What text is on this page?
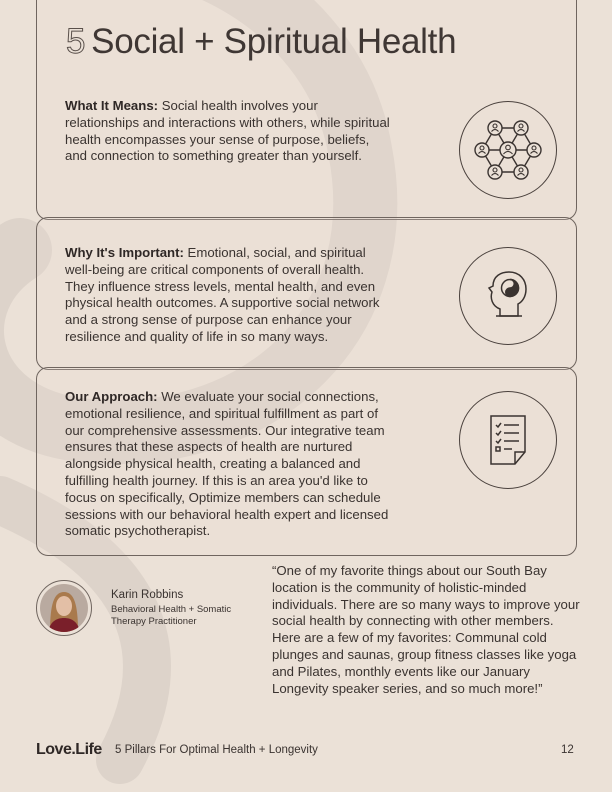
5 Social + Spiritual Health

What It Means: Social health involves your relationships and interactions with others, while spiritual health encompasses your sense of purpose, beliefs, and connection to something greater than yourself.

Why It's Important: Emotional, social, and spiritual well-being are critical components of overall health. They influence stress levels, mental health, and even physical health outcomes. A supportive social network and a strong sense of purpose can enhance your resilience and quality of life in so many ways.

Our Approach: We evaluate your social connections, emotional resilience, and spiritual fulfillment as part of our comprehensive assessments. Our integrative team ensures that these aspects of health are nurtured alongside physical health, creating a balanced and fulfilling health journey. If this is an area you'd like to focus on specifically, Optimize members can schedule sessions with our behavioral health expert and licensed somatic psychotherapist.

Karin Robbins
Behavioral Health + Somatic Therapy Practitioner

“One of my favorite things about our South Bay location is the community of holistic-minded individuals. There are so many ways to improve your social health by connecting with other members. Here are a few of my favorites: Communal cold plunges and saunas, group fitness classes like yoga and Pilates, monthly events like our January Longevity speaker series, and so much more!”

Love.Life 5 Pillars For Optimal Health + Longevity	12
